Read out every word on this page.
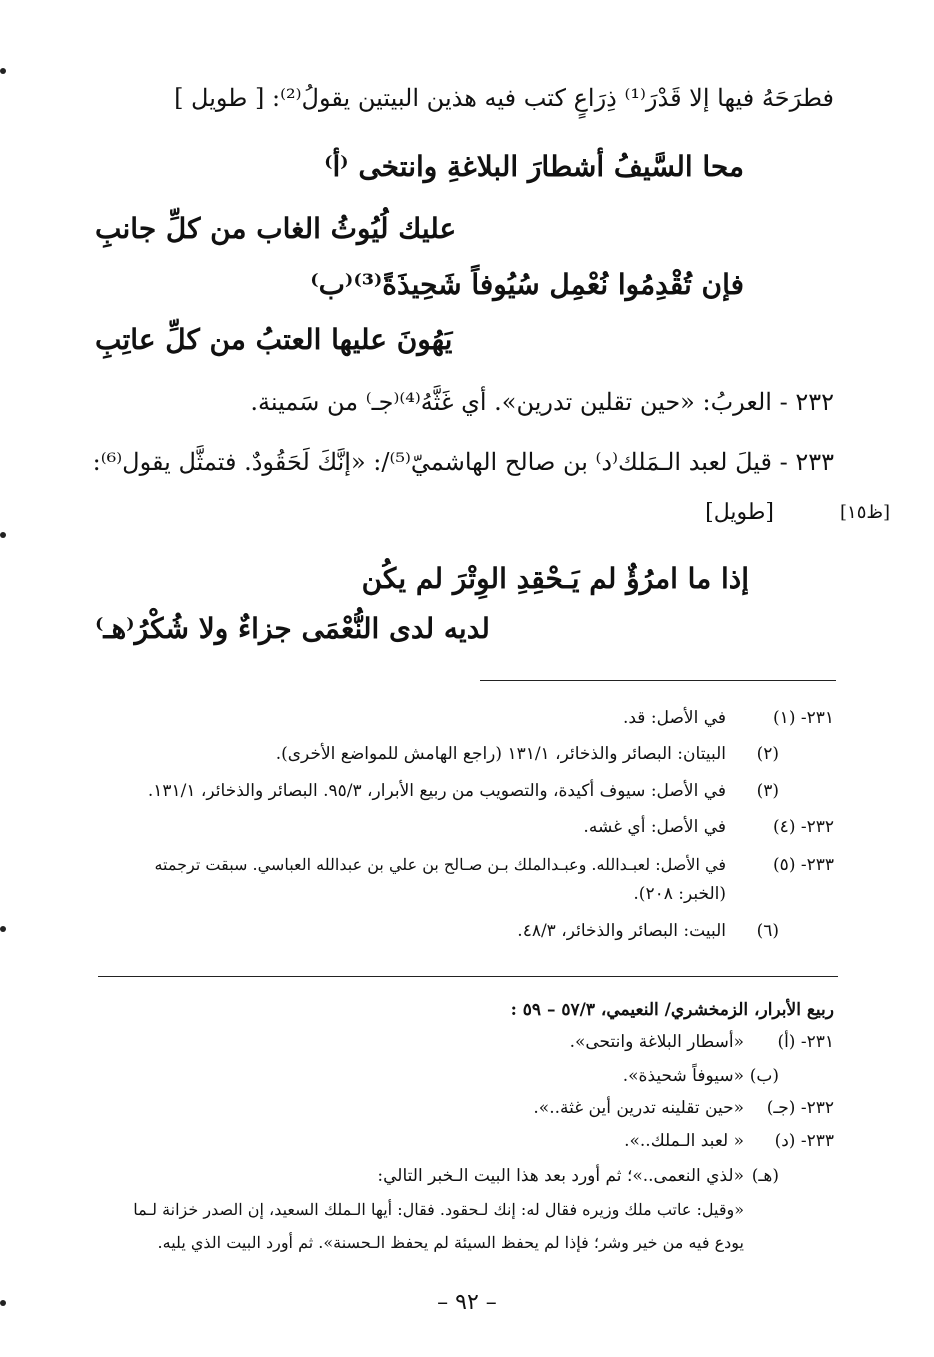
فطرَحَهُ فيها إلا قَدْرَ⁽¹⁾ ذِرَاعٍ كتب فيه هذين البيتين يقولُ⁽²⁾: [ طويل ]
محا السَّيفُ أشطارَ البلاغةِ وانتخى ⁽أ⁾
عليك لُيُوثُ الغاب من كلِّ جانبِ
فإن تُقْدِمُوا نُعْمِل سُيُوفاً شَحِيذَةً⁽³⁾⁽ب⁾
يَهُونَ عليها العتبُ من كلِّ عاتِبِ
٢٣٢ - العربُ: «حين تقلين تدرين». أي غَثَّهُ⁽⁴⁾⁽جـ⁾ من سَمينة.
٢٣٣ - قيلَ لعبد الـمَلك⁽د⁾ بن صالح الهاشميّ⁽⁵⁾/: «إنَّكَ لَحَقُودٌ. فتمثَّل يقول⁽⁶⁾:
[طويل]	[ظ١٥]
إذا ما امرُؤٌ لم يَـحْقِدِ الوِتْرَ لم يكُن
لديه لدى النُّعْمَى جزاءٌ ولا شُكْرُ⁽هـ⁾
٢٣١- (١)
في الأصل: قد.
(٢)
البيتان: البصائر والذخائر، ١٣١/١ (راجع الهامش للمواضع الأخرى).
(٣)
في الأصل: سيوف أكيدة، والتصويب من ربيع الأبرار، ٩٥/٣. البصائر والذخائر، ١٣١/١.
٢٣٢- (٤)
في الأصل: أي غشه.
٢٣٣- (٥)
في الأصل: لعبـدالله. وعبـدالملك بـن صـالح بن علي بن عبدالله العباسي. سبقت ترجمته
(الخبر: ٢٠٨).
(٦)
البيت: البصائر والذخائر، ٤٨/٣.
ربيع الأبرار، الزمخشري/ النعيمي، ٥٧/٣ – ٥٩ :
٢٣١- (أ)
«أسطار البلاغة وانتحى».
(ب)
«سيوفاً شحيذة».
٢٣٢- (جـ)
«حين تقلينه تدرين أين غثة..».
٢٣٣- (د)
« لعبد الـملك..».
(هـ)
«لذي النعمى..»؛ ثم أورد بعد هذا البيت الـخبر التالي:
«وقيل: عاتب ملك وزيره فقال له: إنك لـحقود. فقال: أيها الـملك السعيد، إن الصدر خزانة لـما
يودع فيه من خير وشر؛ فإذا لم يحفظ السيئة لم يحفظ الـحسنة». ثم أورد البيت الذي يليه.
– ٩٢ –
